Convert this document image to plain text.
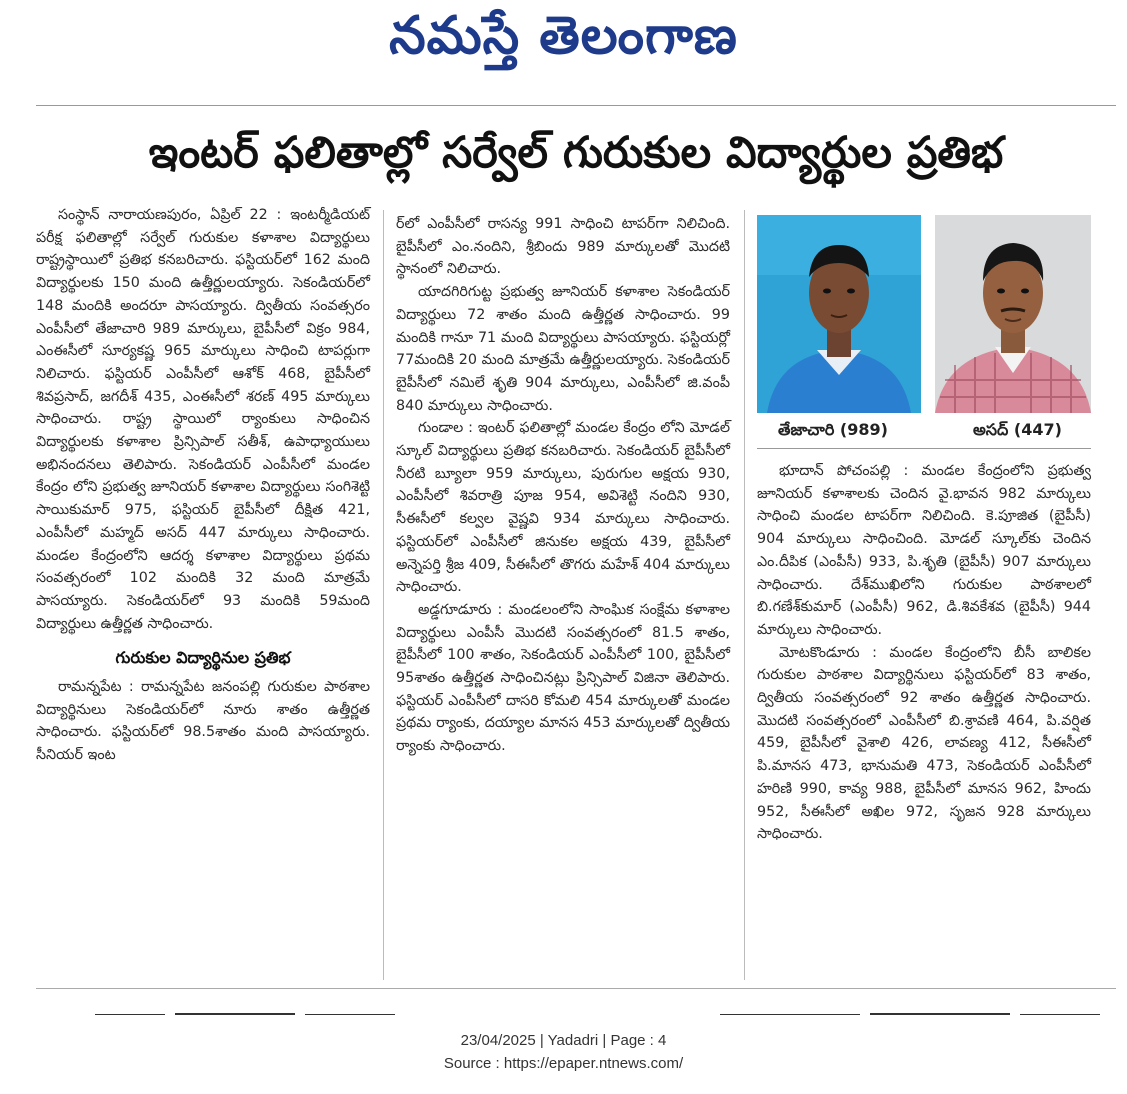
నమస్తే తెలంగాణ
ఇంటర్ ఫలితాల్లో సర్వేల్ గురుకుల విద్యార్థుల ప్రతిభ

సంస్థాన్ నారాయణపురం, ఏప్రిల్ 22 : ఇంటర్మీడియట్ పరీక్ష ఫలితాల్లో సర్వేల్ గురుకుల కళాశాల విద్యార్థులు రాష్ట్రస్థాయిలో ప్రతిభ కనబరిచారు. ఫస్టియర్‌లో 162 మంది విద్యార్థులకు 150 మంది ఉత్తీర్ణులయ్యారు. సెకండియర్‌లో 148 మందికి అందరూ పాసయ్యారు. ద్వితీయ సంవత్సరం ఎంపీసీలో తేజాచారి 989 మార్కులు, బైపీసీలో విక్రం 984, ఎంఈసీలో సూర్యకష్ణ 965 మార్కులు సాధించి టాపర్లుగా నిలిచారు. ఫస్టియర్ ఎంపీసీలో ఆశోక్ 468, బైపీసీలో శివప్రసాద్, జగదీశ్ 435, ఎంఈసీలో శరణ్ 495 మార్కులు సాధించారు. రాష్ట్ర స్థాయిలో ర్యాంకులు సాధించిన విద్యార్థులకు కళాశాల ప్రిన్సిపాల్ సతీశ్, ఉపాధ్యాయులు అభినందనలు తెలిపారు. సెకండియర్ ఎంపీసీలో మండల కేంద్రం లోని ప్రభుత్వ జూనియర్ కళాశాల విద్యార్థులు సంగిశెట్టి సాయికుమార్ 975, ఫస్టియర్ బైపీసీలో దీక్షిత 421, ఎంపీసీలో మహ్మద్ అసద్ 447 మార్కులు సాధించారు. మండల కేంద్రంలోని ఆదర్శ కళాశాల విద్యార్థులు ప్రథమ సంవత్సరంలో 102 మందికి 32 మంది మాత్రమే పాసయ్యారు. సెకండియర్‌లో 93 మందికి 59మంది విద్యార్థులు ఉత్తీర్ణత సాధించారు.

గురుకుల విద్యార్థినుల ప్రతిభ

రామన్నపేట : రామన్నపేట జనంపల్లి గురుకుల పాఠశాల విద్యార్థినులు సెకండియర్‌లో నూరు శాతం ఉత్తీర్ణత సాధించారు. ఫస్టియర్‌లో 98.5శాతం మంది పాసయ్యారు. సీనియర్ ఇంట

ర్‌లో ఎంపీసీలో రాసన్య 991 సాధించి టాపర్‌గా నిలిచింది. బైపీసీలో ఎం.నందిని, శ్రీబిందు 989 మార్కులతో మొదటి స్థానంలో నిలిచారు.

యాదగిరిగుట్ట ప్రభుత్వ జూనియర్ కళాశాల సెకండియర్ విద్యార్థులు 72 శాతం మంది ఉత్తీర్ణత సాధించారు. 99 మందికి గానూ 71 మంది విద్యార్థులు పాసయ్యారు. ఫస్టియర్లో 77మందికి 20 మంది మాత్రమే ఉత్తీర్ణులయ్యారు. సెకండియర్ బైపీసీలో నమిలే శృతి 904 మార్కులు, ఎంపీసీలో జి.వంపీ 840 మార్కులు సాధించారు.

గుండాల : ఇంటర్ ఫలితాల్లో మండల కేంద్రం లోని మోడల్ స్కూల్ విద్యార్థులు ప్రతిభ కనబరిచారు. సెకండియర్ బైపీసీలో నీరటి బ్యూలా 959 మార్కులు, పురుగుల అక్షయ 930, ఎంపీసీలో శివరాత్రి పూజ 954, అవిశెట్టి నందిని 930, సీఈసీలో కల్వల వైష్ణవి 934 మార్కులు సాధించారు. ఫస్టియర్‌లో ఎంపీసీలో జినుకల అక్షయ 439, బైపీసీలో అన్నెపర్తి శ్రీజ 409, సీఈసీలో తొగరు మహేశ్ 404 మార్కులు సాధించారు.

అడ్డగూడూరు : మండలంలోని సాంఘిక సంక్షేమ కళాశాల విద్యార్థులు ఎంపీసీ మొదటి సంవత్సరంలో 81.5 శాతం, బైపీసీలో 100 శాతం, సెకండియర్ ఎంపీసీలో 100, బైపీసీలో 95శాతం ఉత్తీర్ణత సాధించినట్లు ప్రిన్సిపాల్ విజినా తెలిపారు. ఫస్టియర్ ఎంపీసీలో దాసరి కోమలి 454 మార్కులతో మండల ప్రథమ ర్యాంకు, దయ్యాల మానస 453 మార్కులతో ద్వితీయ ర్యాంకు సాధించారు.

తేజాచారి (989)	అసద్ (447)

భూదాన్ పోచంపల్లి : మండల కేంద్రంలోని ప్రభుత్వ జూనియర్ కళాశాలకు చెందిన వై.భావన 982 మార్కులు సాధించి మండల టాపర్‌గా నిలిచింది. కె.పూజిత (బైపీసీ) 904 మార్కులు సాధించింది. మోడల్ స్కూల్‌కు చెందిన ఎం.దీపిక (ఎంపీసీ) 933, పి.శృతి (బైపీసీ) 907 మార్కులు సాధించారు. దేశ్‌ముఖిలోని గురుకుల పాఠశాలలో బి.గణేశ్‌కుమార్ (ఎంపీసీ) 962, డి.శివకేశవ (బైపీసీ) 944 మార్కులు సాధించారు.

మోటకొండూరు : మండల కేంద్రంలోని బీసీ బాలికల గురుకుల పాఠశాల విద్యార్థినులు ఫస్టియర్‌లో 83 శాతం, ద్వితీయ సంవత్సరంలో 92 శాతం ఉత్తీర్ణత సాధించారు. మొదటి సంవత్సరంలో ఎంపీసీలో బి.శ్రావణి 464, పి.వర్షిత 459, బైపీసీలో వైశాలి 426, లావణ్య 412, సీఈసీలో పి.మానస 473, భానుమతి 473, సెకండియర్ ఎంపీసీలో హరిణి 990, కావ్య 988, బైపీసీలో మానస 962, హిందు 952, సీఈసీలో అఖిల 972, సృజన 928 మార్కులు సాధించారు.

23/04/2025 | Yadadri | Page : 4
Source : https://epaper.ntnews.com/
